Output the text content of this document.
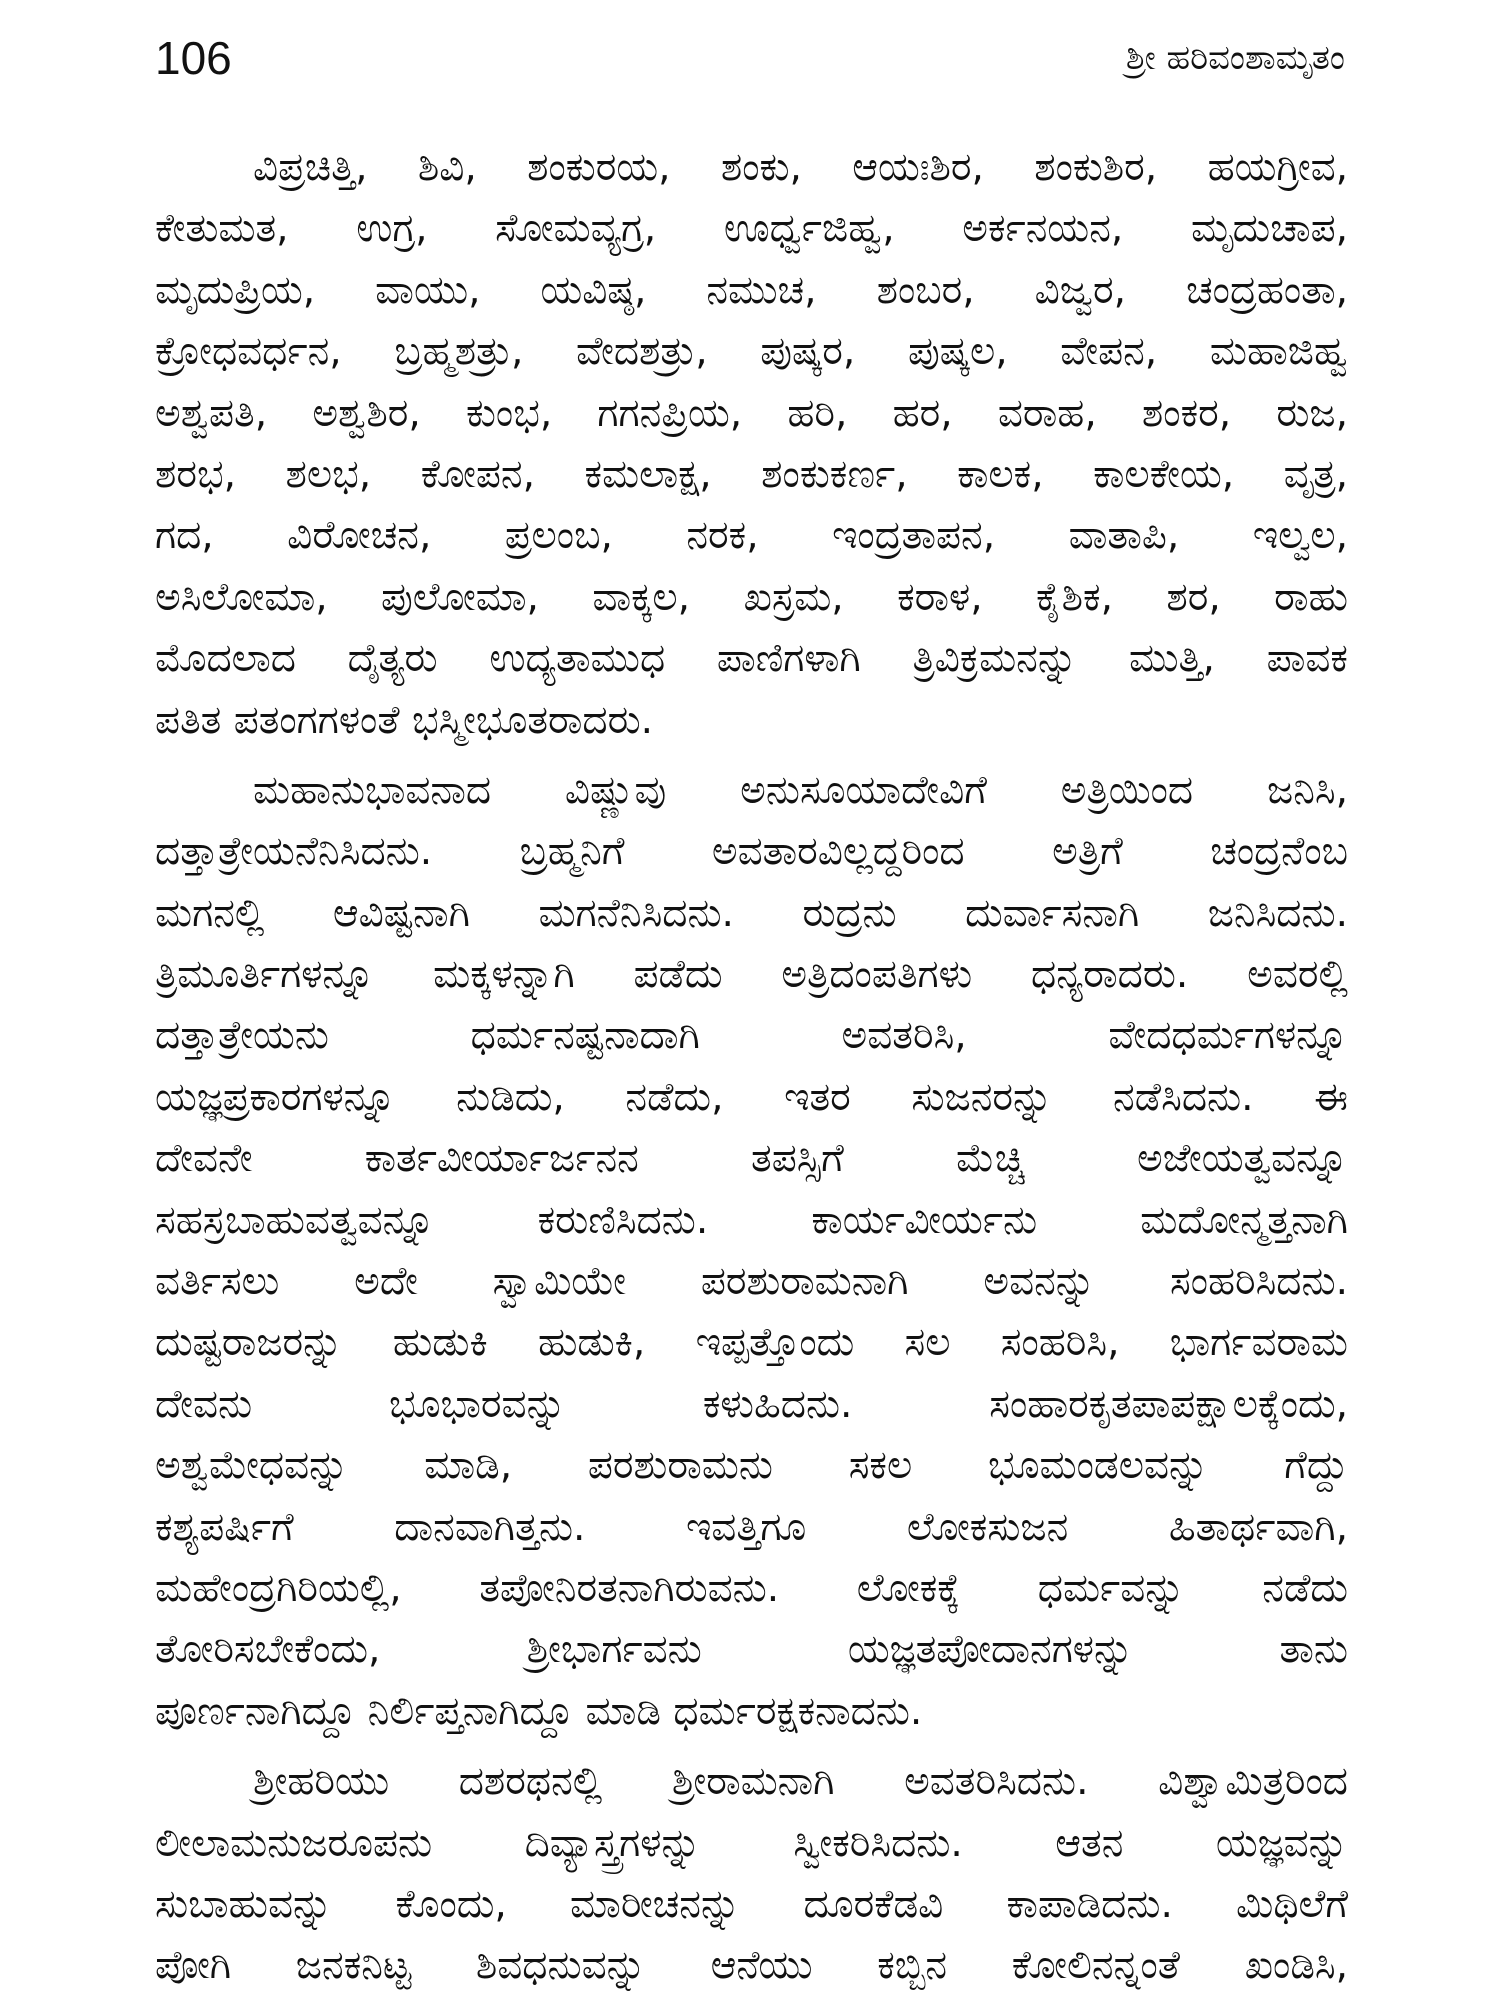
106	ಶ್ರೀ ಹರಿವಂಶಾಮೃತಂ
ವಿಪ್ರಚಿತ್ತಿ, ಶಿವಿ, ಶಂಕುರಯ, ಶಂಕು, ಆಯಃಶಿರ, ಶಂಕುಶಿರ, ಹಯಗ್ರೀವ,
ಕೇತುಮತ, ಉಗ್ರ, ಸೋಮವ್ಯಗ್ರ, ಊರ್ಧ್ವಜಿಹ್ವ, ಅರ್ಕನಯನ, ಮೃದುಚಾಪ,
ಮೃದುಪ್ರಿಯ, ವಾಯು, ಯವಿಷ್ಠ, ನಮುಚ, ಶಂಬರ, ವಿಜ್ವರ, ಚಂದ್ರಹಂತಾ,
ಕ್ರೋಧವರ್ಧನ, ಬ್ರಹ್ಮಶತ್ರು, ವೇದಶತ್ರು, ಪುಷ್ಕರ, ಪುಷ್ಕಲ, ವೇಪನ, ಮಹಾಜಿಹ್ವ
ಅಶ್ವಪತಿ, ಅಶ್ವಶಿರ, ಕುಂಭ, ಗಗನಪ್ರಿಯ, ಹರಿ, ಹರ, ವರಾಹ, ಶಂಕರ, ರುಜ,
ಶರಭ, ಶಲಭ, ಕೋಪನ, ಕಮಲಾಕ್ಷ, ಶಂಕುಕರ್ಣ, ಕಾಲಕ, ಕಾಲಕೇಯ, ವೃತ್ರ,
ಗದ, ವಿರೋಚನ, ಪ್ರಲಂಬ, ನರಕ, ಇಂದ್ರತಾಪನ, ವಾತಾಪಿ, ಇಲ್ವಲ,
ಅಸಿಲೋಮಾ, ಪುಲೋಮಾ, ವಾಕ್ಕಲ, ಖಸ್ರಮ, ಕರಾಳ, ಕೈಶಿಕ, ಶರ, ರಾಹು
ಮೊದಲಾದ ದೈತ್ಯರು ಉದ್ಯತಾಮುಧ ಪಾಣಿಗಳಾಗಿ ತ್ರಿವಿಕ್ರಮನನ್ನು ಮುತ್ತಿ, ಪಾವಕ
ಪತಿತ ಪತಂಗಗಳಂತೆ ಭಸ್ಮೀಭೂತರಾದರು.
ಮಹಾನುಭಾವನಾದ ವಿಷ್ಣುವು ಅನುಸೂಯಾದೇವಿಗೆ ಅತ್ರಿಯಿಂದ ಜನಿಸಿ,
ದತ್ತಾತ್ರೇಯನೆನಿಸಿದನು. ಬ್ರಹ್ಮನಿಗೆ ಅವತಾರವಿಲ್ಲದ್ದರಿಂದ ಅತ್ರಿಗೆ ಚಂದ್ರನೆಂಬ
ಮಗನಲ್ಲಿ ಆವಿಷ್ಟನಾಗಿ ಮಗನೆನಿಸಿದನು. ರುದ್ರನು ದುರ್ವಾಸನಾಗಿ ಜನಿಸಿದನು.
ತ್ರಿಮೂರ್ತಿಗಳನ್ನೂ ಮಕ್ಕಳನ್ನಾಗಿ ಪಡೆದು ಅತ್ರಿದಂಪತಿಗಳು ಧನ್ಯರಾದರು. ಅವರಲ್ಲಿ
ದತ್ತಾತ್ರೇಯನು ಧರ್ಮನಷ್ಟನಾದಾಗಿ ಅವತರಿಸಿ, ವೇದಧರ್ಮಗಳನ್ನೂ
ಯಜ್ಞಪ್ರಕಾರಗಳನ್ನೂ ನುಡಿದು, ನಡೆದು, ಇತರ ಸುಜನರನ್ನು ನಡೆಸಿದನು. ಈ
ದೇವನೇ ಕಾರ್ತವೀರ್ಯಾರ್ಜನನ ತಪಸ್ಸಿಗೆ ಮೆಚ್ಚಿ ಅಜೇಯತ್ವವನ್ನೂ
ಸಹಸ್ರಬಾಹುವತ್ವವನ್ನೂ ಕರುಣಿಸಿದನು. ಕಾರ್ಯವೀರ್ಯನು ಮದೋನ್ಮತ್ತನಾಗಿ
ವರ್ತಿಸಲು ಅದೇ ಸ್ವಾಮಿಯೇ ಪರಶುರಾಮನಾಗಿ ಅವನನ್ನು ಸಂಹರಿಸಿದನು.
ದುಷ್ಟರಾಜರನ್ನು ಹುಡುಕಿ ಹುಡುಕಿ, ಇಪ್ಪತ್ತೊಂದು ಸಲ ಸಂಹರಿಸಿ, ಭಾರ್ಗವರಾಮ
ದೇವನು ಭೂಭಾರವನ್ನು ಕಳುಹಿದನು. ಸಂಹಾರಕೃತಪಾಪಕ್ಷಾಲಕ್ಕೆಂದು,
ಅಶ್ವಮೇಧವನ್ನು ಮಾಡಿ, ಪರಶುರಾಮನು ಸಕಲ ಭೂಮಂಡಲವನ್ನು ಗೆದ್ದು
ಕಶ್ಯಪರ್ಷಿಗೆ ದಾನವಾಗಿತ್ತನು. ಇವತ್ತಿಗೂ ಲೋಕಸುಜನ ಹಿತಾರ್ಥವಾಗಿ,
ಮಹೇಂದ್ರಗಿರಿಯಲ್ಲಿ, ತಪೋನಿರತನಾಗಿರುವನು. ಲೋಕಕ್ಕೆ ಧರ್ಮವನ್ನು ನಡೆದು
ತೋರಿಸಬೇಕೆಂದು, ಶ್ರೀಭಾರ್ಗವನು ಯಜ್ಞತಪೋದಾನಗಳನ್ನು ತಾನು
ಪೂರ್ಣನಾಗಿದ್ದೂ ನಿರ್ಲಿಪ್ತನಾಗಿದ್ದೂ ಮಾಡಿ ಧರ್ಮರಕ್ಷಕನಾದನು.
ಶ್ರೀಹರಿಯು ದಶರಥನಲ್ಲಿ ಶ್ರೀರಾಮನಾಗಿ ಅವತರಿಸಿದನು. ವಿಶ್ವಾಮಿತ್ರರಿಂದ
ಲೀಲಾಮನುಜರೂಪನು ದಿವ್ಯಾಸ್ತ್ರಗಳನ್ನು ಸ್ವೀಕರಿಸಿದನು. ಆತನ ಯಜ್ಞವನ್ನು
ಸುಬಾಹುವನ್ನು ಕೊಂದು, ಮಾರೀಚನನ್ನು ದೂರಕೆಡವಿ ಕಾಪಾಡಿದನು. ಮಿಥಿಲೆಗೆ
ಪೋಗಿ ಜನಕನಿಟ್ಟ ಶಿವಧನುವನ್ನು ಆನೆಯು ಕಬ್ಬಿನ ಕೋಲಿನನ್ನಂತೆ ಖಂಡಿಸಿ,
